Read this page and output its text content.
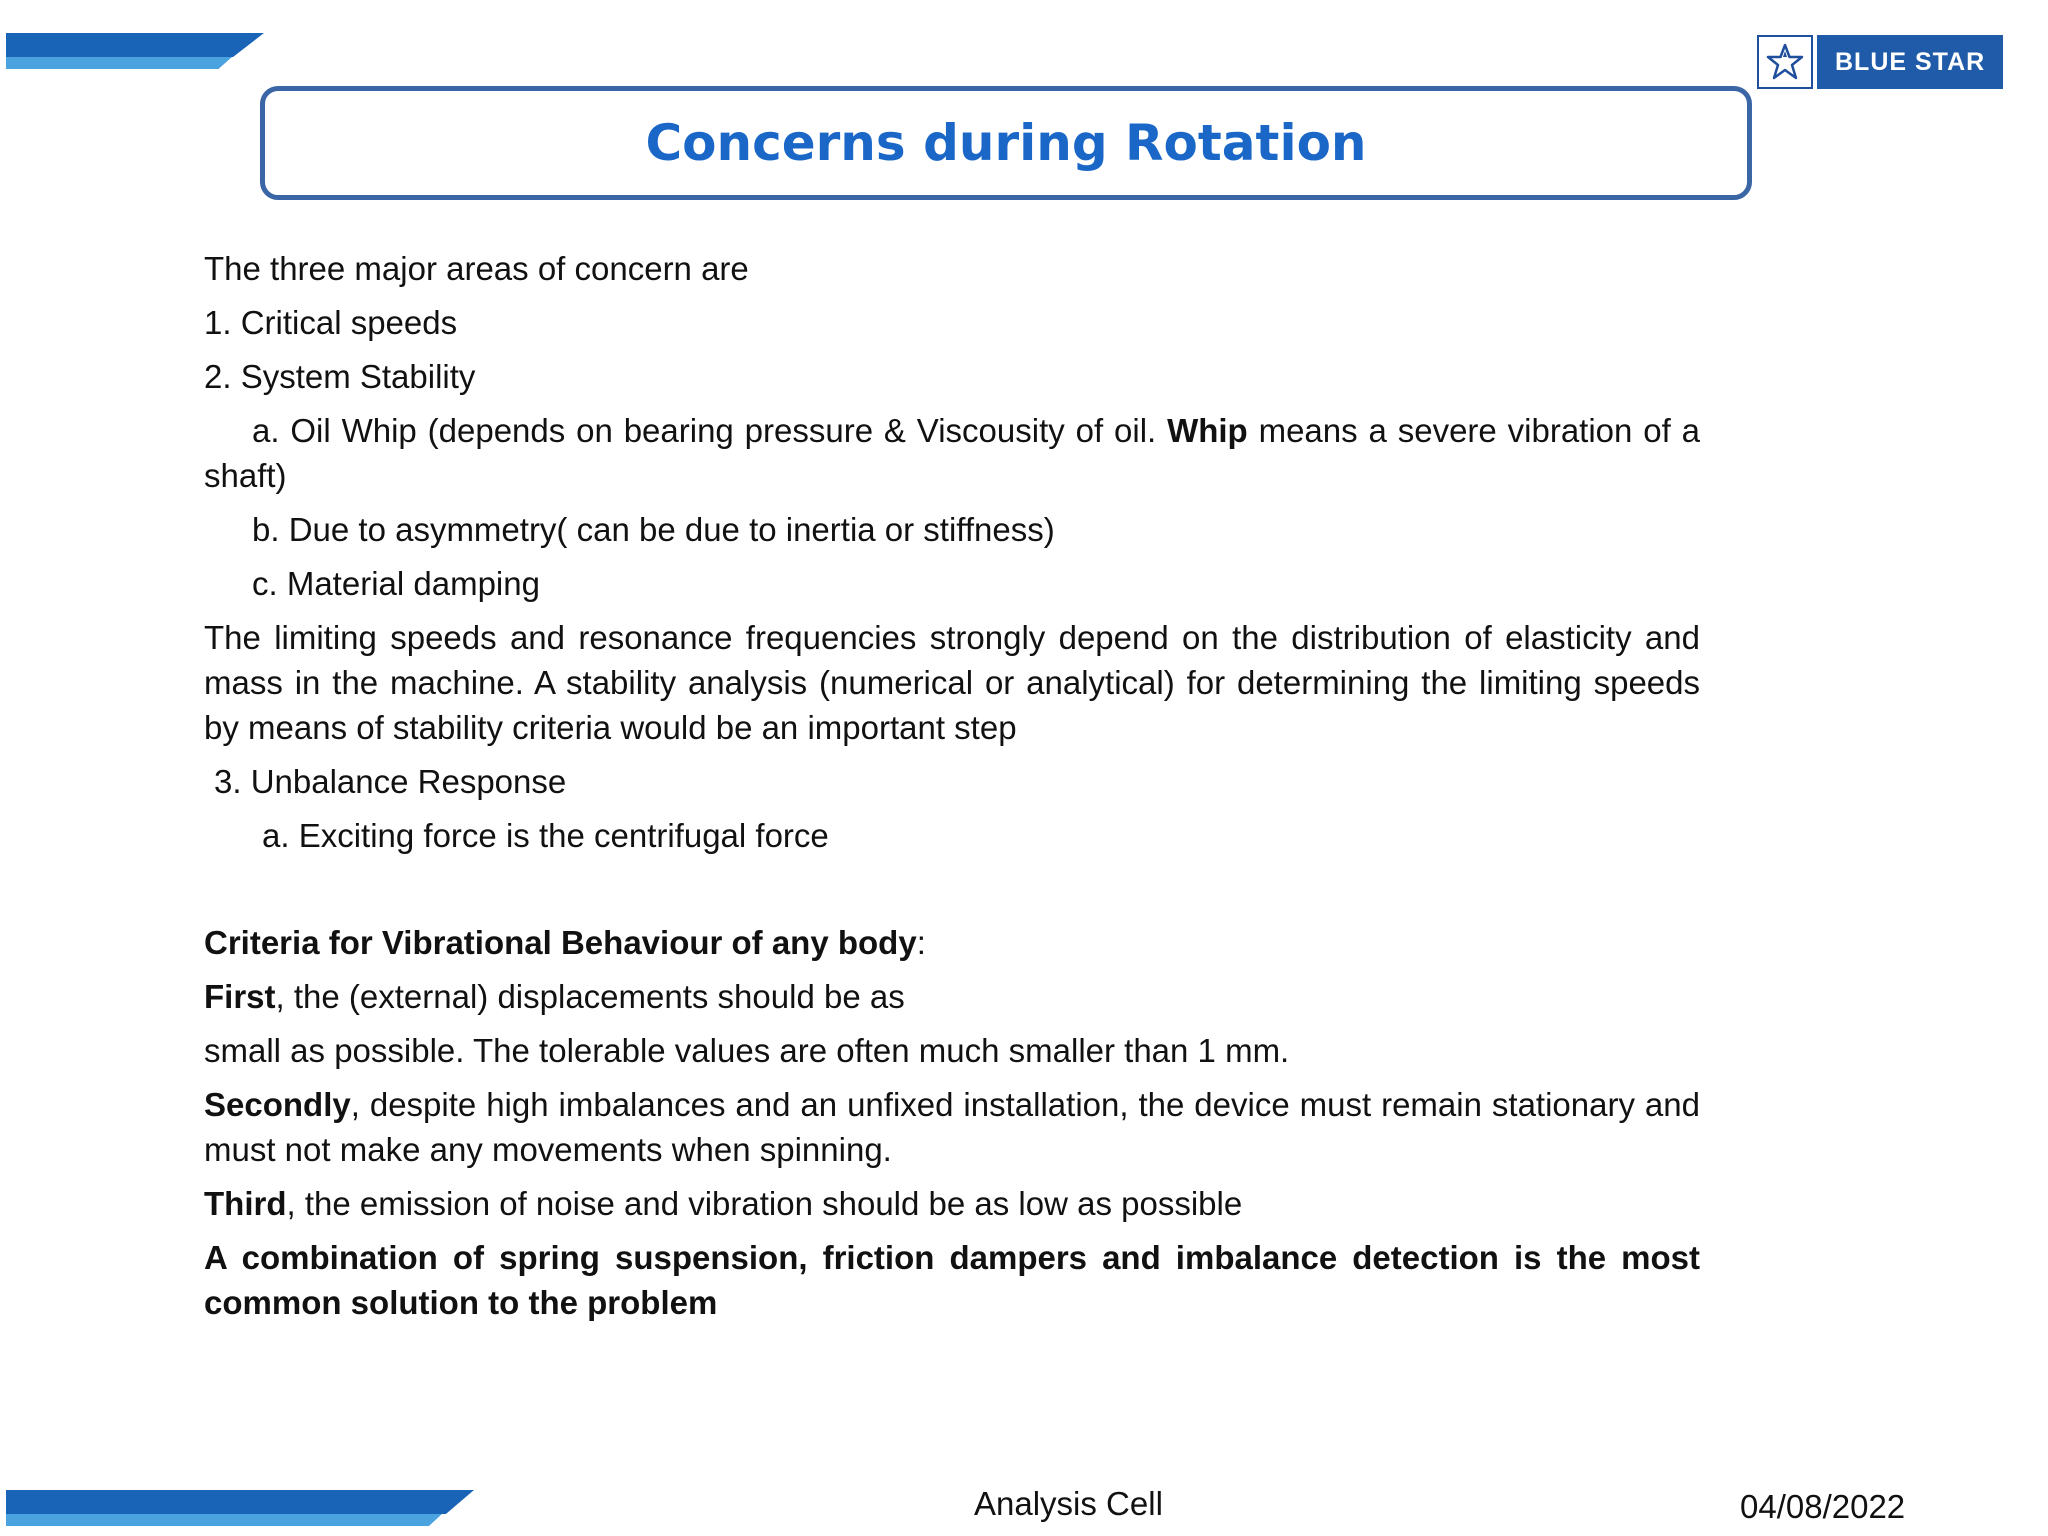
BLUE STAR
Concerns during Rotation

The three major areas of concern are

1. Critical speeds

2. System Stability

a. Oil Whip (depends on bearing pressure & Viscousity of oil. Whip means a severe vibration of a shaft)

b. Due to asymmetry( can be due to inertia or stiffness)

c. Material damping

The limiting speeds and resonance frequencies strongly depend on the distribution of elasticity and mass in the machine. A stability analysis (numerical or analytical) for determining the limiting speeds by means of stability criteria would be an important step

3. Unbalance Response

a. Exciting force is the centrifugal force

Criteria for Vibrational Behaviour of any body:

First, the (external) displacements should be as

small as possible. The tolerable values are often much smaller than 1 mm.

Secondly, despite high imbalances and an unfixed installation, the device must remain stationary and must not make any movements when spinning.

Third, the emission of noise and vibration should be as low as possible

A combination of spring suspension, friction dampers and imbalance detection is the most common solution to the problem

Analysis Cell	04/08/2022
